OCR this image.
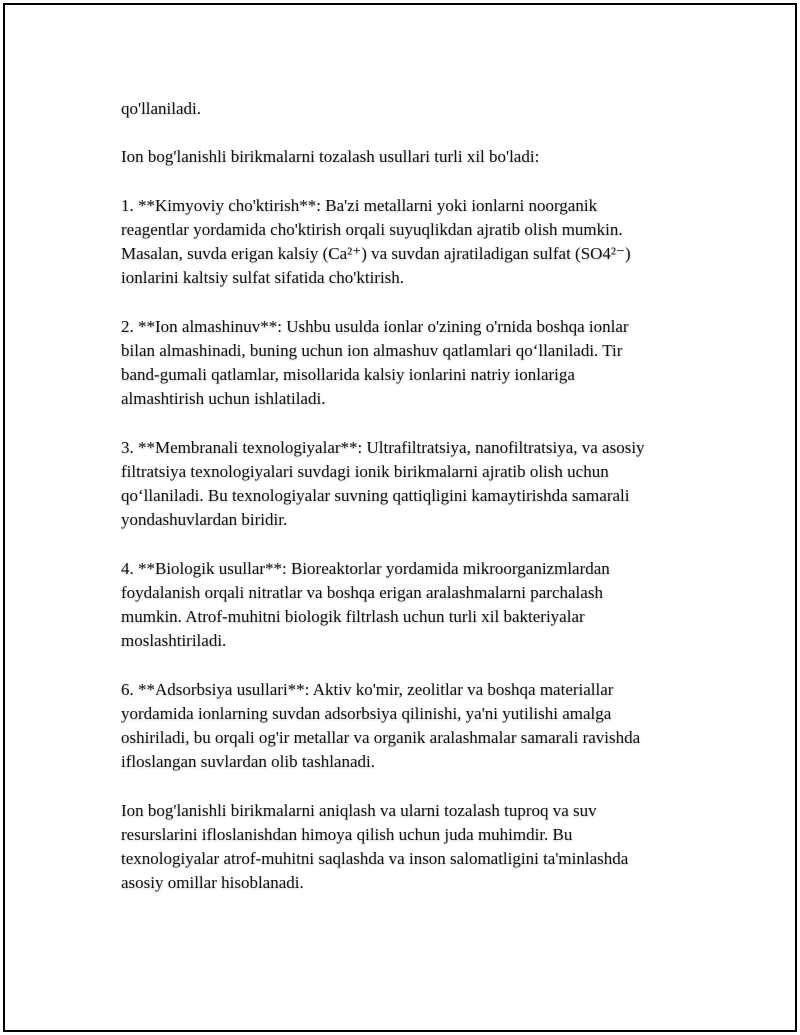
qo'llaniladi.

Ion bog'lanishli birikmalarni tozalash usullari turli xil bo'ladi:

1. **Kimyoviy cho'ktirish**: Ba'zi metallarni yoki ionlarni noorganik
reagentlar yordamida cho'ktirish orqali suyuqlikdan ajratib olish mumkin.
Masalan, suvda erigan kalsiy (Ca²⁺) va suvdan ajratiladigan sulfat (SO4²⁻)
ionlarini kaltsiy sulfat sifatida cho'ktirish.

2. **Ion almashinuv**: Ushbu usulda ionlar o'zining o'rnida boshqa ionlar
bilan almashinadi, buning uchun ion almashuv qatlamlari qo‘llaniladi. Tir
band-gumali qatlamlar, misollarida kalsiy ionlarini natriy ionlariga
almashtirish uchun ishlatiladi.

3. **Membranali texnologiyalar**: Ultrafiltratsiya, nanofiltratsiya, va asosiy
filtratsiya texnologiyalari suvdagi ionik birikmalarni ajratib olish uchun
qo‘llaniladi. Bu texnologiyalar suvning qattiqligini kamaytirishda samarali
yondashuvlardan biridir.

4. **Biologik usullar**: Bioreaktorlar yordamida mikroorganizmlardan
foydalanish orqali nitratlar va boshqa erigan aralashmalarni parchalash
mumkin. Atrof-muhitni biologik filtrlash uchun turli xil bakteriyalar
moslashtiriladi.

6. **Adsorbsiya usullari**: Aktiv ko'mir, zeolitlar va boshqa materiallar
yordamida ionlarning suvdan adsorbsiya qilinishi, ya'ni yutilishi amalga
oshiriladi, bu orqali og'ir metallar va organik aralashmalar samarali ravishda
ifloslangan suvlardan olib tashlanadi.

Ion bog'lanishli birikmalarni aniqlash va ularni tozalash tuproq va suv
resurslarini ifloslanishdan himoya qilish uchun juda muhimdir. Bu
texnologiyalar atrof-muhitni saqlashda va inson salomatligini ta'minlashda
asosiy omillar hisoblanadi.
